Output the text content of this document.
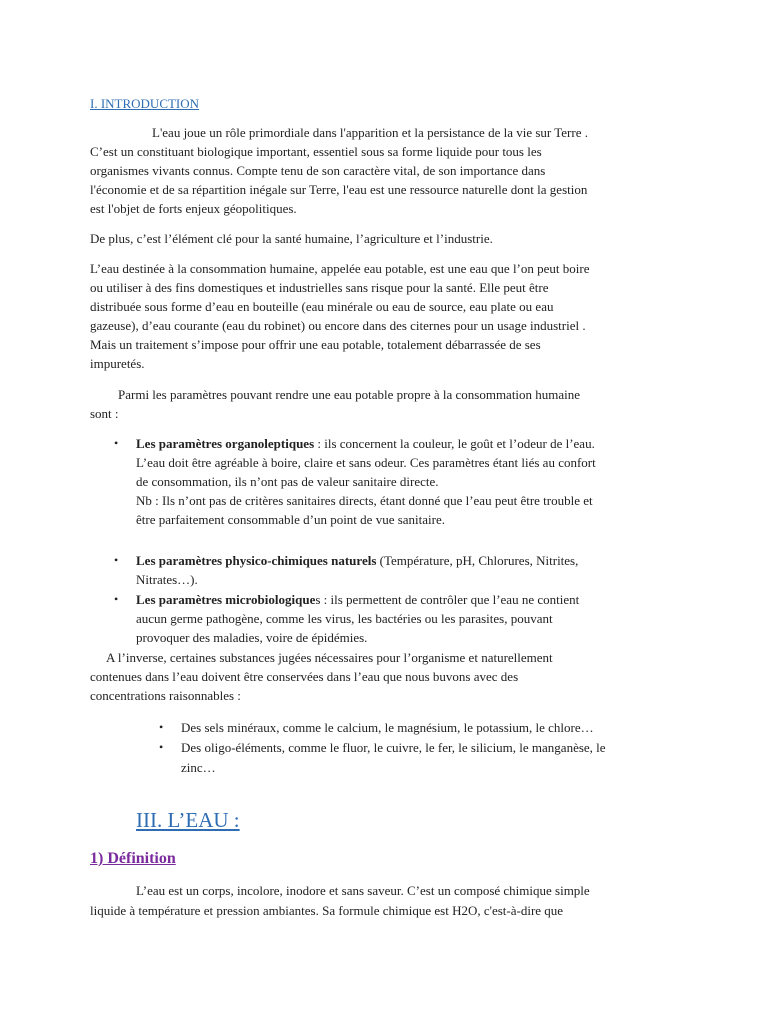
I. INTRODUCTION
L'eau joue un rôle primordiale dans l'apparition et la persistance de la vie sur Terre .
C’est un constituant biologique important, essentiel sous sa forme liquide pour tous les
organismes vivants connus. Compte tenu de son caractère vital, de son importance dans
l'économie et de sa répartition inégale sur Terre, l'eau est une ressource naturelle dont la gestion
est l'objet de forts enjeux géopolitiques.
De plus, c’est l’élément clé pour la santé humaine, l’agriculture et l’industrie.
L’eau destinée à la consommation humaine, appelée eau potable, est une eau que l’on peut boire
ou utiliser à des fins domestiques et industrielles sans risque pour la santé. Elle peut être
distribuée sous forme d’eau en bouteille (eau minérale ou eau de source, eau plate ou eau
gazeuse), d’eau courante (eau du robinet) ou encore dans des citernes pour un usage industriel .
Mais un traitement s’impose pour offrir une eau potable, totalement débarrassée de ses
impuretés.
Parmi les paramètres pouvant rendre une eau potable propre à la consommation humaine
sont :
• Les paramètres organoleptiques : ils concernent la couleur, le goût et l’odeur de l’eau.
L’eau doit être agréable à boire, claire et sans odeur. Ces paramètres étant liés au confort
de consommation, ils n’ont pas de valeur sanitaire directe.
Nb : Ils n’ont pas de critères sanitaires directs, étant donné que l’eau peut être trouble et
être parfaitement consommable d’un point de vue sanitaire.
• Les paramètres physico-chimiques naturels (Température, pH, Chlorures, Nitrites,
Nitrates…).
• Les paramètres microbiologiques : ils permettent de contrôler que l’eau ne contient
aucun germe pathogène, comme les virus, les bactéries ou les parasites, pouvant
provoquer des maladies, voire de épidémies.
A l’inverse, certaines substances jugées nécessaires pour l’organisme et naturellement
contenues dans l’eau doivent être conservées dans l’eau que nous buvons avec des
concentrations raisonnables :
• Des sels minéraux, comme le calcium, le magnésium, le potassium, le chlore…
• Des oligo-éléments, comme le fluor, le cuivre, le fer, le silicium, le manganèse, le
zinc…
III. L’EAU :
1) Définition
L’eau est un corps, incolore, inodore et sans saveur. C’est un composé chimique simple
liquide à température et pression ambiantes. Sa formule chimique est H2O, c'est-à-dire que
